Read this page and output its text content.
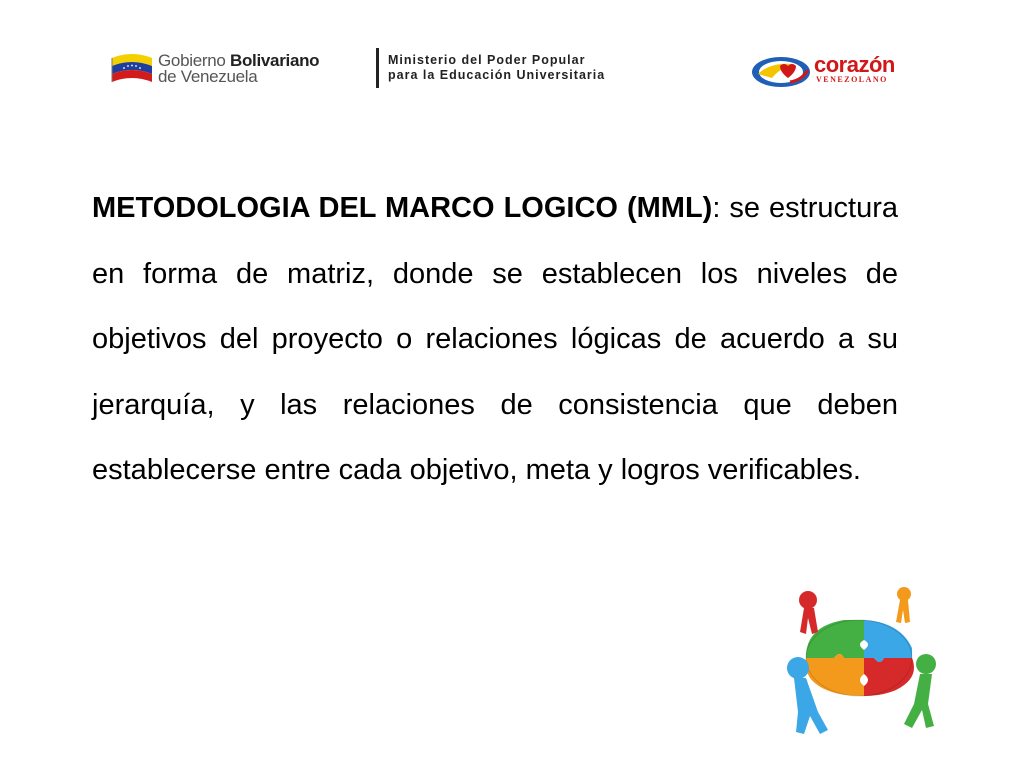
Gobierno Bolivariano
de Venezuela
Ministerio del Poder Popular
para la Educación Universitaria	corazón
VENEZOLANO

METODOLOGIA DEL MARCO LOGICO (MML): se estructura en forma de matriz, donde se establecen los niveles de objetivos del proyecto o relaciones lógicas de acuerdo a su jerarquía, y las relaciones de consistencia que deben establecerse entre cada objetivo, meta y logros verificables.
